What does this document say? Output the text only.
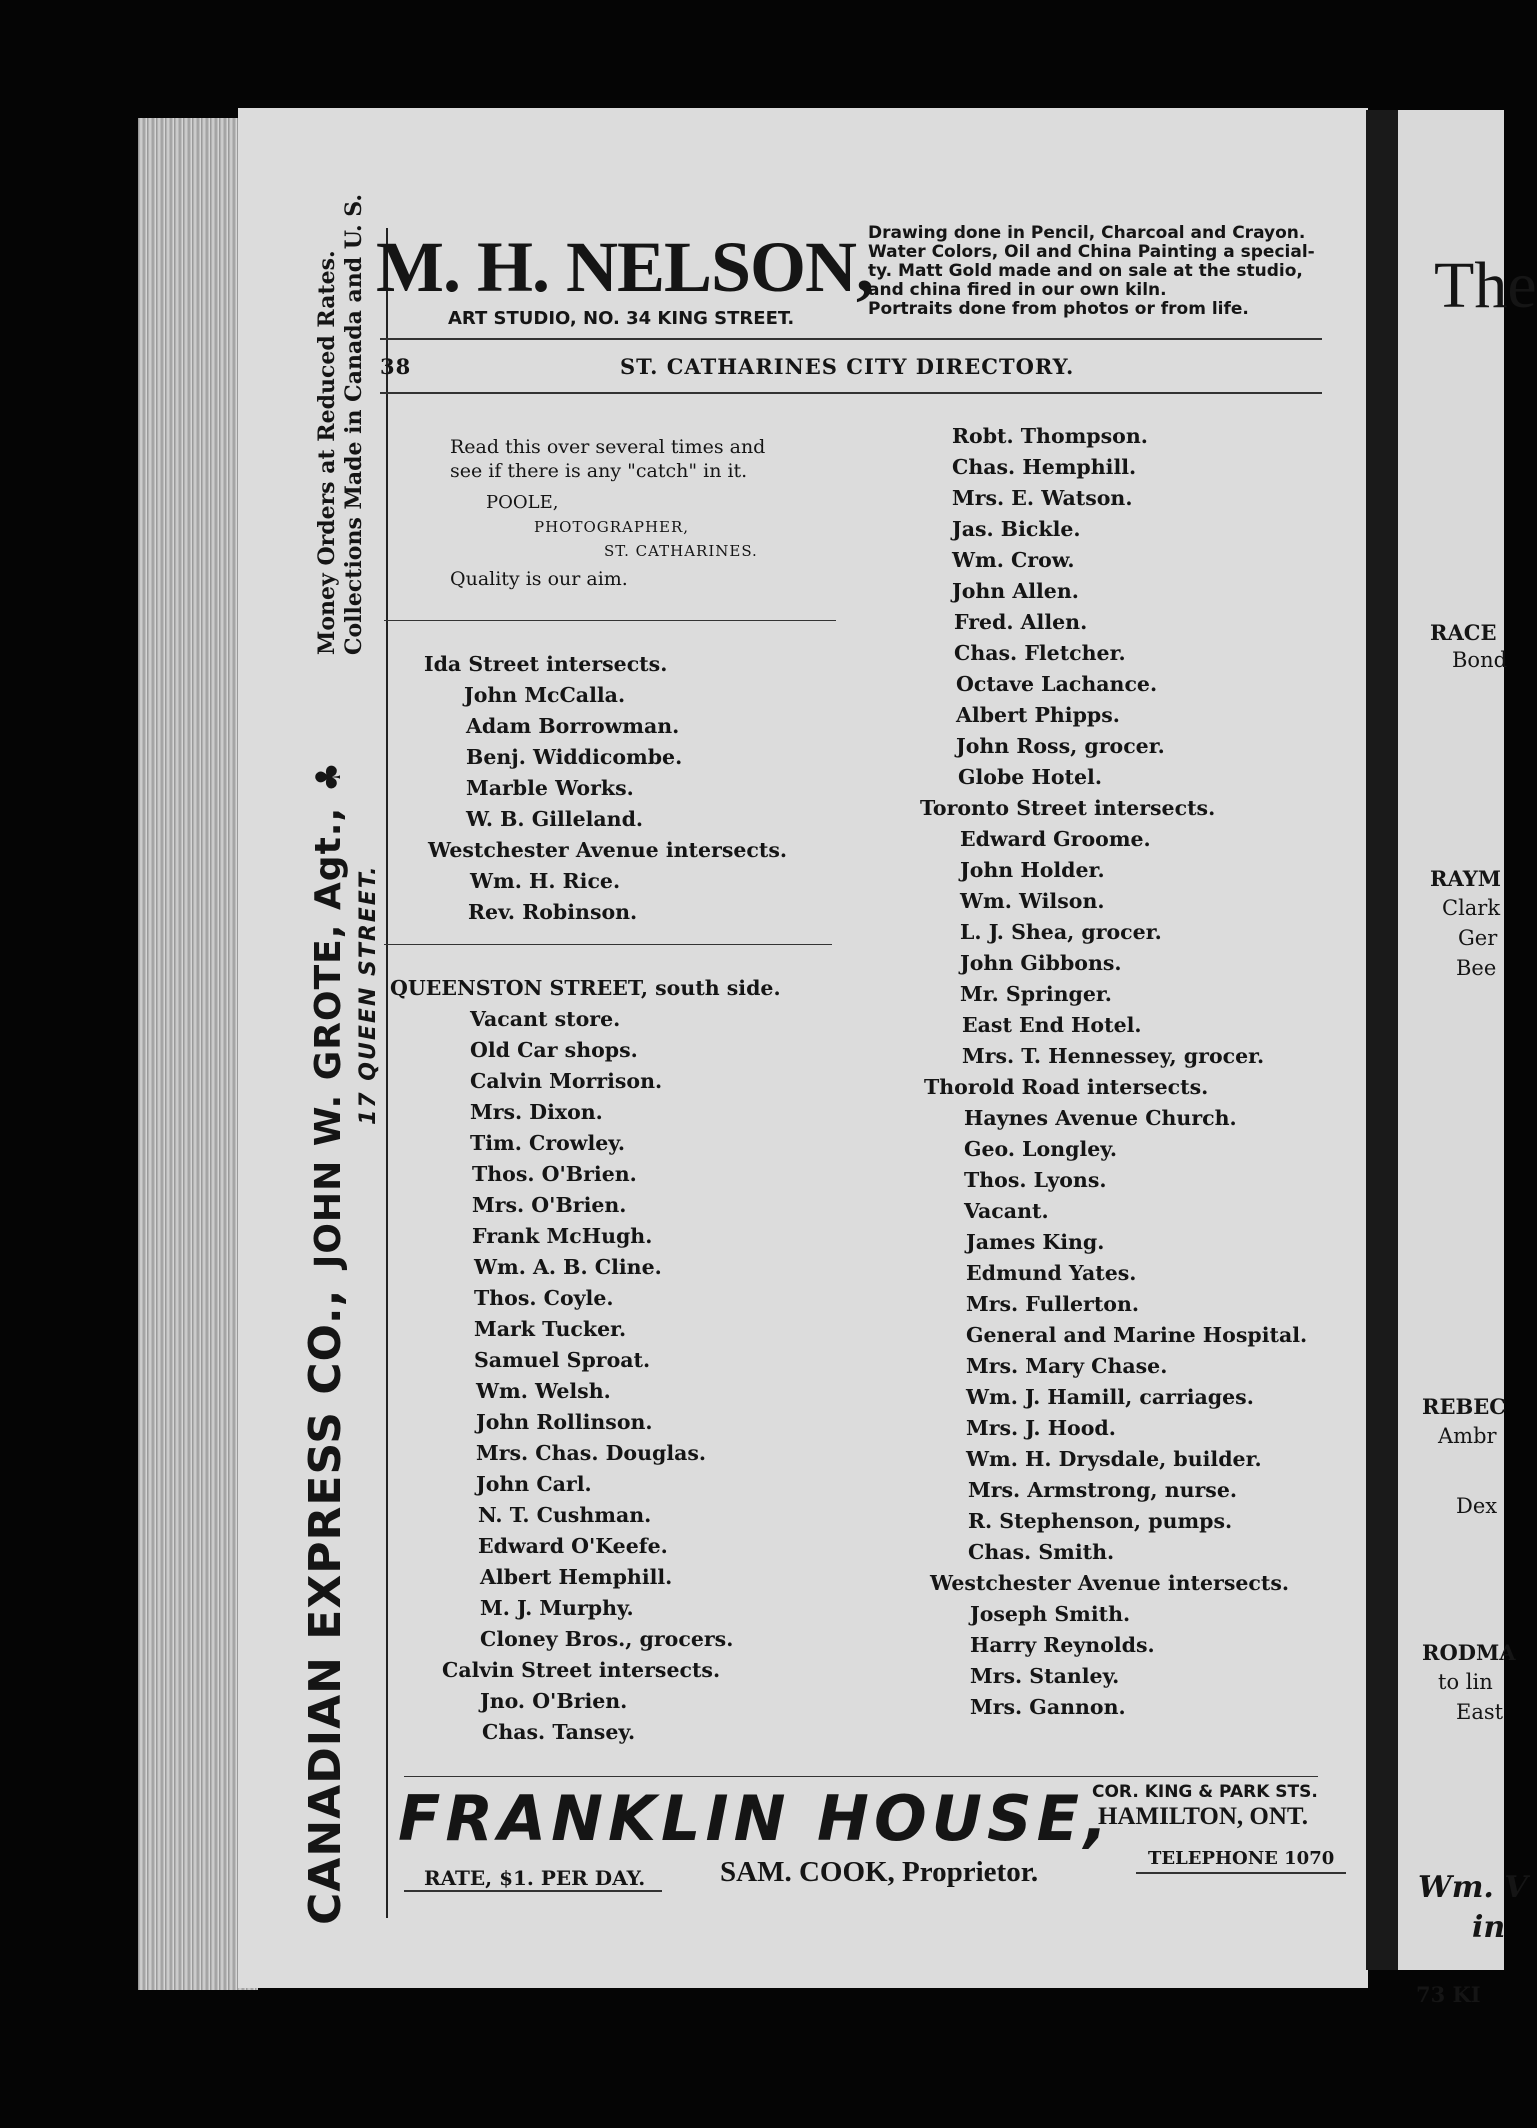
The
RACE
Bond
RAYM
Clark
Ger
Bee
REBEC
Ambr
Dex
RODMA
to lin
East
Wm. V
in
73 KI
CANADIAN EXPRESS CO., JOHN W. GROTE, Agt., ♣
17 QUEEN STREET.
Money Orders at Reduced Rates. Collections Made in Canada and U. S. M. H. NELSON,
ART STUDIO, NO. 34 KING STREET.
Drawing done in Pencil, Charcoal and Crayon.
Water Colors, Oil and China Painting a special-
ty. Matt Gold made and on sale at the studio,
and china fired in our own kiln.
Portraits done from photos or from life.
38	ST. CATHARINES CITY DIRECTORY.
Read this over several times and
see if there is any "catch" in it.
POOLE,
PHOTOGRAPHER,
ST. CATHARINES.
Quality is our aim.
Ida Street intersects.
John McCalla.
Adam Borrowman.
Benj. Widdicombe.
Marble Works.
W. B. Gilleland.
Westchester Avenue intersects.
Wm. H. Rice.
Rev. Robinson.
QUEENSTON STREET, south side.
Vacant store.
Old Car shops.
Calvin Morrison.
Mrs. Dixon.
Tim. Crowley.
Thos. O'Brien.
Mrs. O'Brien.
Frank McHugh.
Wm. A. B. Cline.
Thos. Coyle.
Mark Tucker.
Samuel Sproat.
Wm. Welsh.
John Rollinson.
Mrs. Chas. Douglas.
John Carl.
N. T. Cushman.
Edward O'Keefe.
Albert Hemphill.
M. J. Murphy.
Cloney Bros., grocers.
Calvin Street intersects.
Jno. O'Brien.
Chas. Tansey.
Robt. Thompson.
Chas. Hemphill.
Mrs. E. Watson.
Jas. Bickle.
Wm. Crow.
John Allen.
Fred. Allen.
Chas. Fletcher.
Octave Lachance.
Albert Phipps.
John Ross, grocer.
Globe Hotel.
Toronto Street intersects.
Edward Groome.
John Holder.
Wm. Wilson.
L. J. Shea, grocer.
John Gibbons.
Mr. Springer.
East End Hotel.
Mrs. T. Hennessey, grocer.
Thorold Road intersects.
Haynes Avenue Church.
Geo. Longley.
Thos. Lyons.
Vacant.
James King.
Edmund Yates.
Mrs. Fullerton.
General and Marine Hospital.
Mrs. Mary Chase.
Wm. J. Hamill, carriages.
Mrs. J. Hood.
Wm. H. Drysdale, builder.
Mrs. Armstrong, nurse.
R. Stephenson, pumps.
Chas. Smith.
Westchester Avenue intersects.
Joseph Smith.
Harry Reynolds.
Mrs. Stanley.
Mrs. Gannon.
FRANKLIN HOUSE,
COR. KING & PARK STS.
HAMILTON, ONT.
RATE, $1. PER DAY.	SAM. COOK, Proprietor.	TELEPHONE 1070
